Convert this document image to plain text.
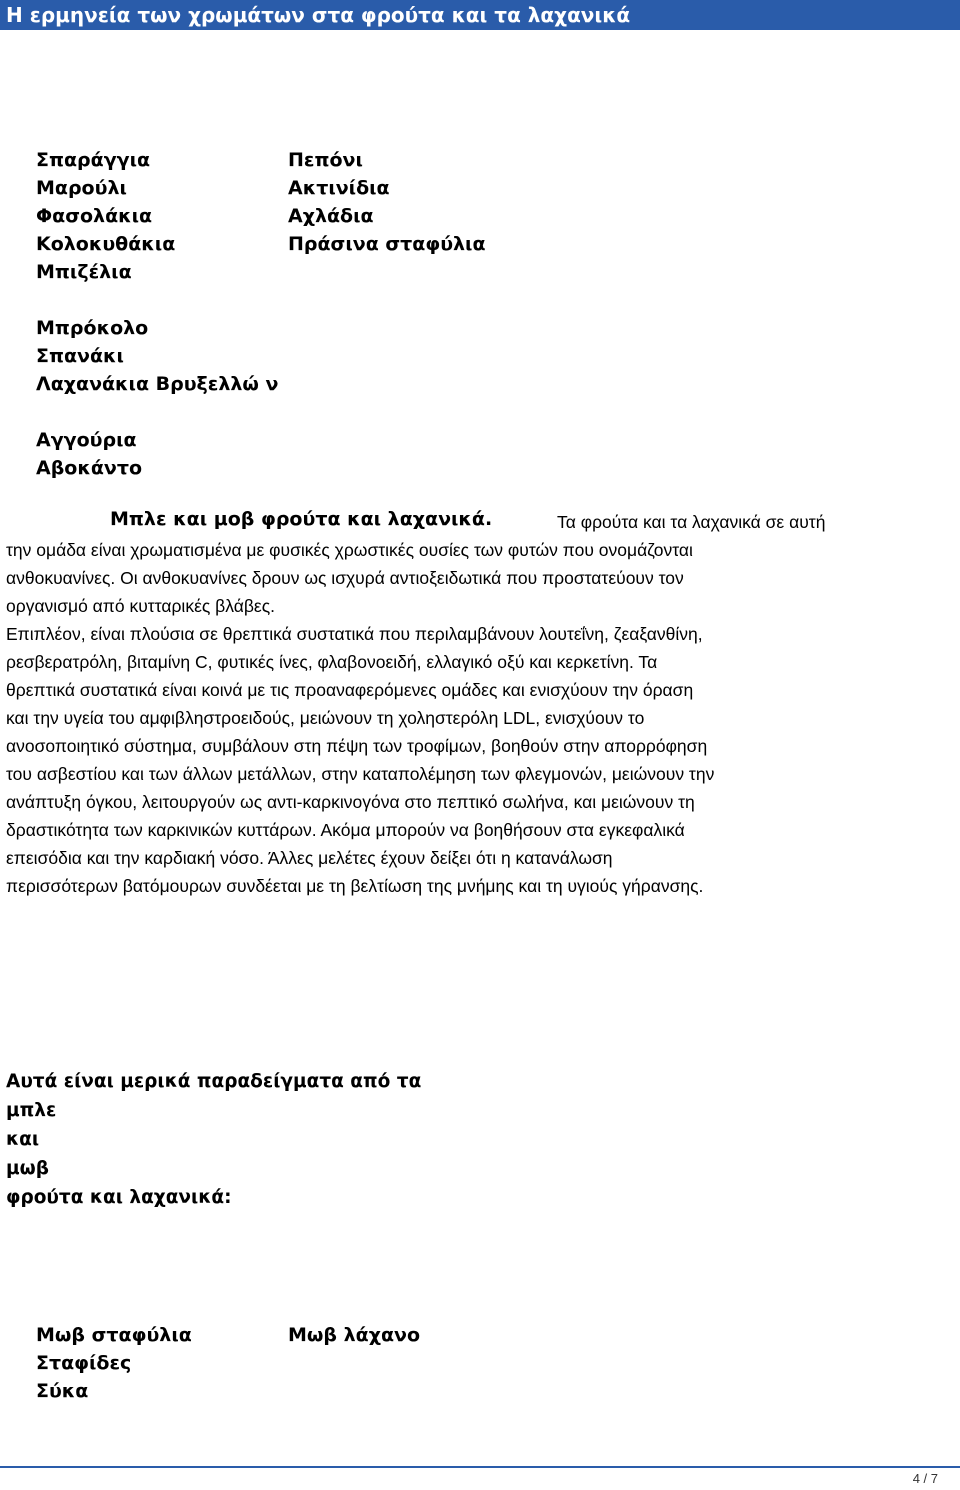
Η ερμηνεία των χρωμάτων στα φρούτα και τα λαχανικά
Σπαράγγια
Μαρούλι
Φασολάκια
Κολοκυθάκια
Μπιζέλια
Πεπόνι
Ακτινίδια
Αχλάδια
Πράσινα σταφύλια
Μπρόκολο
Σπανάκι
Λαχανάκια Βρυξελλώ ν
Αγγούρια
Αβοκάντο
Μπλε και μοβ φρούτα και λαχανικά.	Τα φρούτα και τα λαχανικά σε αυτή
την ομάδα είναι χρωματισμένα με φυσικές χρωστικές ουσίες των φυτών που ονομάζονται
ανθοκυανίνες. Οι ανθοκυανίνες δρουν ως ισχυρά αντιοξειδωτικά που προστατεύουν τον
οργανισμό από κυτταρικές βλάβες.
Επιπλέον, είναι πλούσια σε θρεπτικά συστατικά που περιλαμβάνουν λουτεΐνη, ζεαξανθίνη,
ρεσβερατρόλη, βιταμίνη C, φυτικές ίνες, φλαβονοειδή, ελλαγικό οξύ και κερκετίνη. Τα
θρεπτικά συστατικά είναι κοινά με τις προαναφερόμενες ομάδες και ενισχύουν την όραση
και την υγεία του αμφιβληστροειδούς, μειώνουν τη χοληστερόλη LDL, ενισχύουν το
ανοσοποιητικό σύστημα, συμβάλουν στη πέψη των τροφίμων, βοηθούν στην απορρόφηση
του ασβεστίου και των άλλων μετάλλων, στην καταπολέμηση των φλεγμονών, μειώνουν την
ανάπτυξη όγκου, λειτουργούν ως αντι-καρκινογόνα στο πεπτικό σωλήνα, και μειώνουν τη
δραστικότητα των καρκινικών κυττάρων. Ακόμα μπορούν να βοηθήσουν στα εγκεφαλικά
επεισόδια και την καρδιακή νόσο. Άλλες μελέτες έχουν δείξει ότι η κατανάλωση
περισσότερων βατόμουρων συνδέεται με τη βελτίωση της μνήμης και τη υγιούς γήρανσης.
Αυτά είναι μερικά παραδείγματα από τα
μπλε
και
μωβ
φρούτα και λαχανικά:
Μωβ σταφύλια
Σταφίδες
Σύκα
Μωβ λάχανο
4 / 7
